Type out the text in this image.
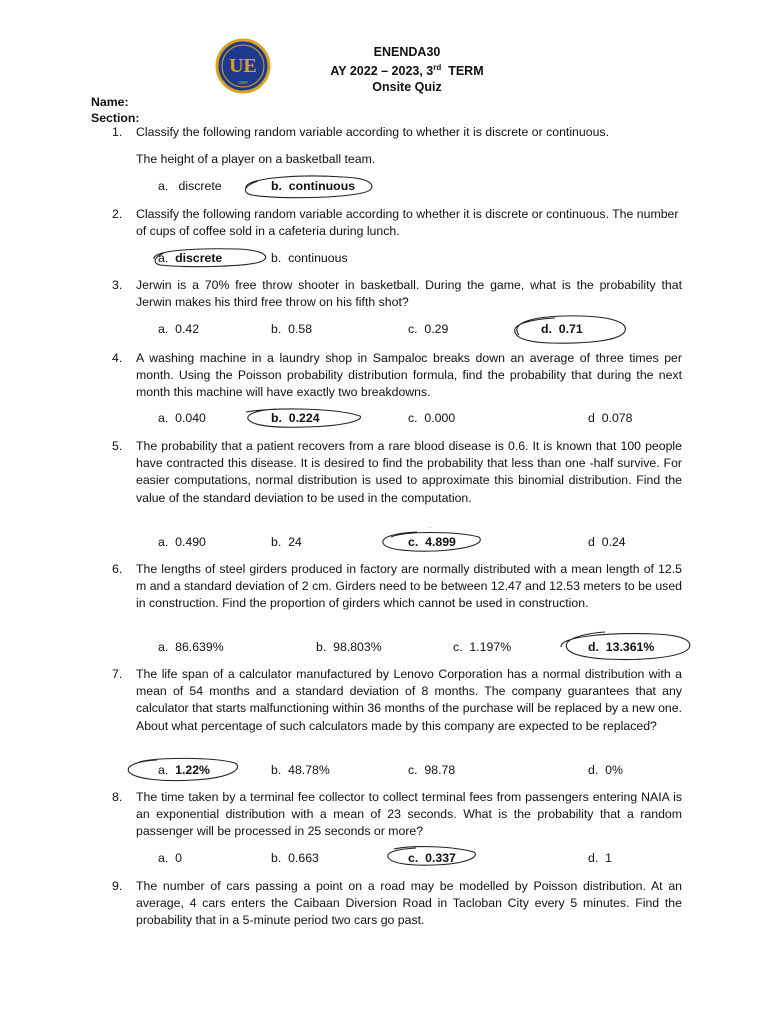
UE
ooer
ENENDA30
AY 2022 – 2023, 3rd  TERM
Onsite Quiz
Name:
Section:
1. Classify the following random variable according to whether it is discrete or continuous.
The height of a player on a basketball team.
a. discrete	b. continuous
2. Classify the following random variable according to whether it is discrete or continuous. The number of cups of coffee sold in a cafeteria during lunch.
a. discrete	b. continuous
3. Jerwin is a 70% free throw shooter in basketball. During the game, what is the probability that Jerwin makes his third free throw on his fifth shot?
a. 0.42	b. 0.58	c. 0.29	d. 0.71
4. A washing machine in a laundry shop in Sampaloc breaks down an average of three times per month. Using the Poisson probability distribution formula, find the probability that during the next month this machine will have exactly two breakdowns.
a. 0.040	b. 0.224	c. 0.000	d 0.078
5. The probability that a patient recovers from a rare blood disease is 0.6. It is known that 100 people have contracted this disease. It is desired to find the probability that less than one -half survive. For easier computations, normal distribution is used to approximate this binomial distribution. Find the value of the standard deviation to be used in the computation.
a. 0.490	b. 24	c. 4.899	d 0.24
6. The lengths of steel girders produced in factory are normally distributed with a mean length of 12.5 m and a standard deviation of 2 cm. Girders need to be between 12.47 and 12.53 meters to be used in construction. Find the proportion of girders which cannot be used in construction.
a. 86.639%	b. 98.803%	c. 1.197%	d. 13.361%
7. The life span of a calculator manufactured by Lenovo Corporation has a normal distribution with a mean of 54 months and a standard deviation of 8 months. The company guarantees that any calculator that starts malfunctioning within 36 months of the purchase will be replaced by a new one. About what percentage of such calculators made by this company are expected to be replaced?
a. 1.22%	b. 48.78%	c. 98.78	d. 0%
8. The time taken by a terminal fee collector to collect terminal fees from passengers entering NAIA is an exponential distribution with a mean of 23 seconds. What is the probability that a random passenger will be processed in 25 seconds or more?
a. 0	b. 0.663	c. 0.337	d. 1
9. The number of cars passing a point on a road may be modelled by Poisson distribution. At an average, 4 cars enters the Caibaan Diversion Road in Tacloban City every 5 minutes. Find the probability that in a 5-minute period two cars go past.
